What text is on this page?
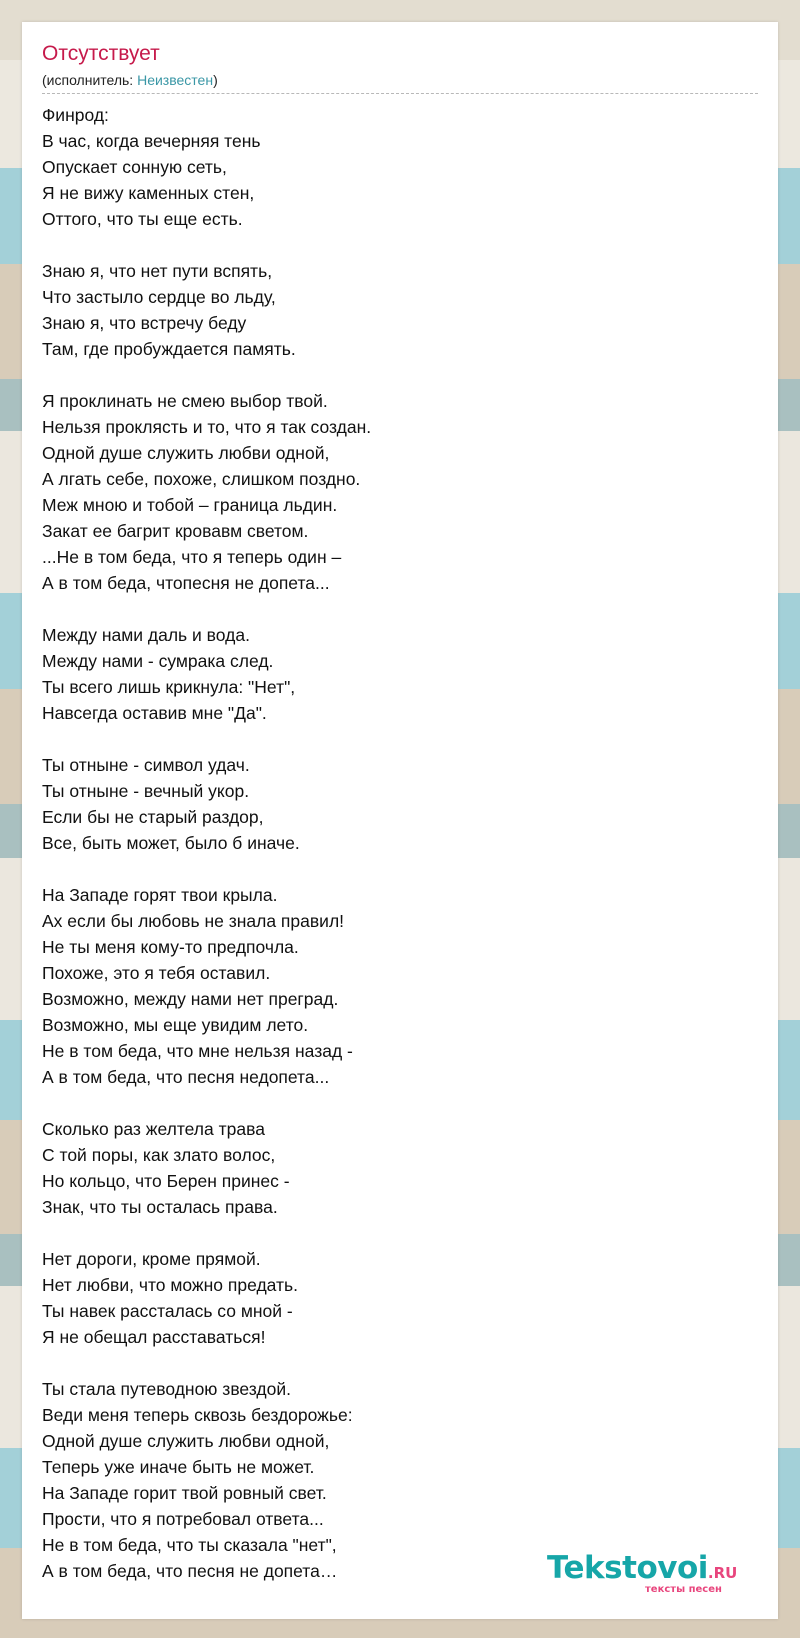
Отсутствует
(исполнитель: Неизвестен)
Финрод:
В час, когда вечерняя тень
Опускает сонную сеть,
Я не вижу каменных стен,
Оттого, что ты еще есть.
Знаю я, что нет пути вспять,
Что застыло сердце во льду,
Знаю я, что встречу беду
Там, где пробуждается память.
Я проклинать не смею выбор твой.
Нельзя проклясть и то, что я так создан.
Одной душе служить любви одной,
А лгать себе, похоже, слишком поздно.
Меж мною и тобой – граница льдин.
Закат ее багрит кровавм светом.
...Не в том беда, что я теперь один –
А в том беда, чтопесня не допета...
Между нами даль и вода.
Между нами - сумрака след.
Ты всего лишь крикнула: "Нет",
Навсегда оставив мне "Да".
Ты отныне - символ удач.
Ты отныне - вечный укор.
Если бы не старый раздор,
Все, быть может, было б иначе.
На Западе горят твои крыла.
Ах если бы любовь не знала правил!
Не ты меня кому-то предпочла.
Похоже, это я тебя оставил.
Возможно, между нами нет преград.
Возможно, мы еще увидим лето.
Не в том беда, что мне нельзя назад -
А в том беда, что песня недопета...
Сколько раз желтела трава
С той поры, как злато волос,
Но кольцо, что Берен принес -
Знак, что ты осталась права.
Нет дороги, кроме прямой.
Нет любви, что можно предать.
Ты навек рассталась со мной -
Я не обещал расставаться!
Ты стала путеводною звездой.
Веди меня теперь сквозь бездорожье:
Одной душе служить любви одной,
Теперь уже иначе быть не может.
На Западе горит твой ровный свет.
Прости, что я потребовал ответа...
Не в том беда, что ты сказала "нет",
А в том беда, что песня не допета…	Tekstovoi.RU
тексты песен
